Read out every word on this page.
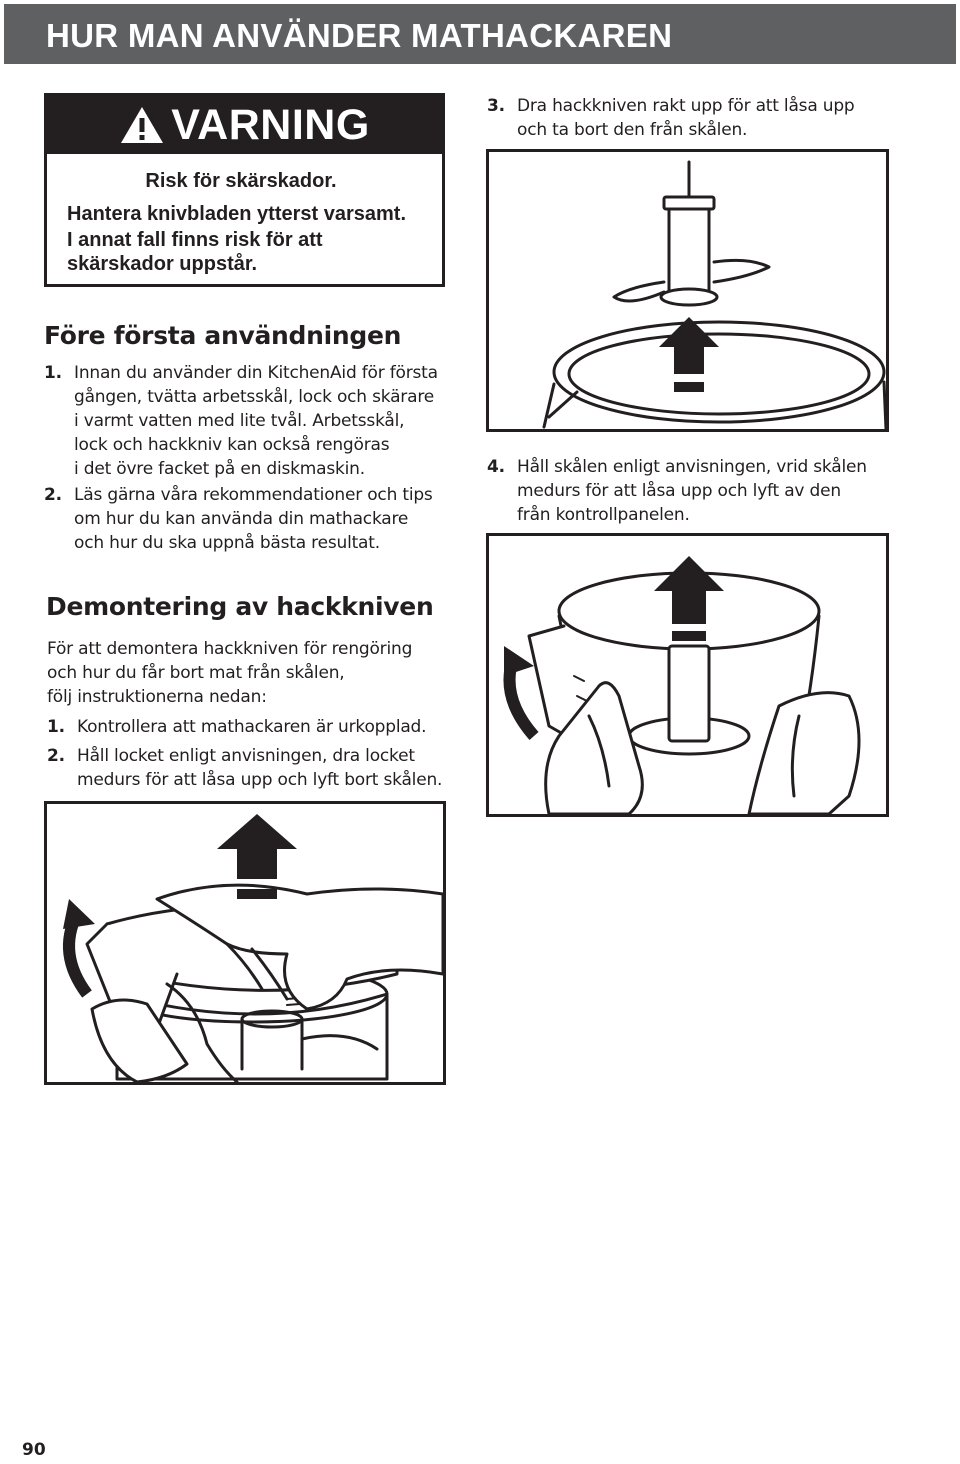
HUR MAN ANVÄNDER MATHACKAREN
VARNING
Risk för skärskador.
Hantera knivbladen ytterst varsamt.
I annat fall finns risk för att
skärskador uppstår.
Före första användningen
1. Innan du använder din KitchenAid för första
gången, tvätta arbetsskål, lock och skärare
i varmt vatten med lite tvål. Arbetsskål,
lock och hackkniv kan också rengöras
i det övre facket på en diskmaskin.
2. Läs gärna våra rekommendationer och tips
om hur du kan använda din mathackare
och hur du ska uppnå bästa resultat.
Demontering av hackkniven
För att demontera hackkniven för rengöring
och hur du får bort mat från skålen,
följ instruktionerna nedan:
1. Kontrollera att mathackaren är urkopplad.
2. Håll locket enligt anvisningen, dra locket
medurs för att låsa upp och lyft bort skålen.
3. Dra hackkniven rakt upp för att låsa upp
och ta bort den från skålen.
4. Håll skålen enligt anvisningen, vrid skålen
medurs för att låsa upp och lyft av den
från kontrollpanelen.
90
